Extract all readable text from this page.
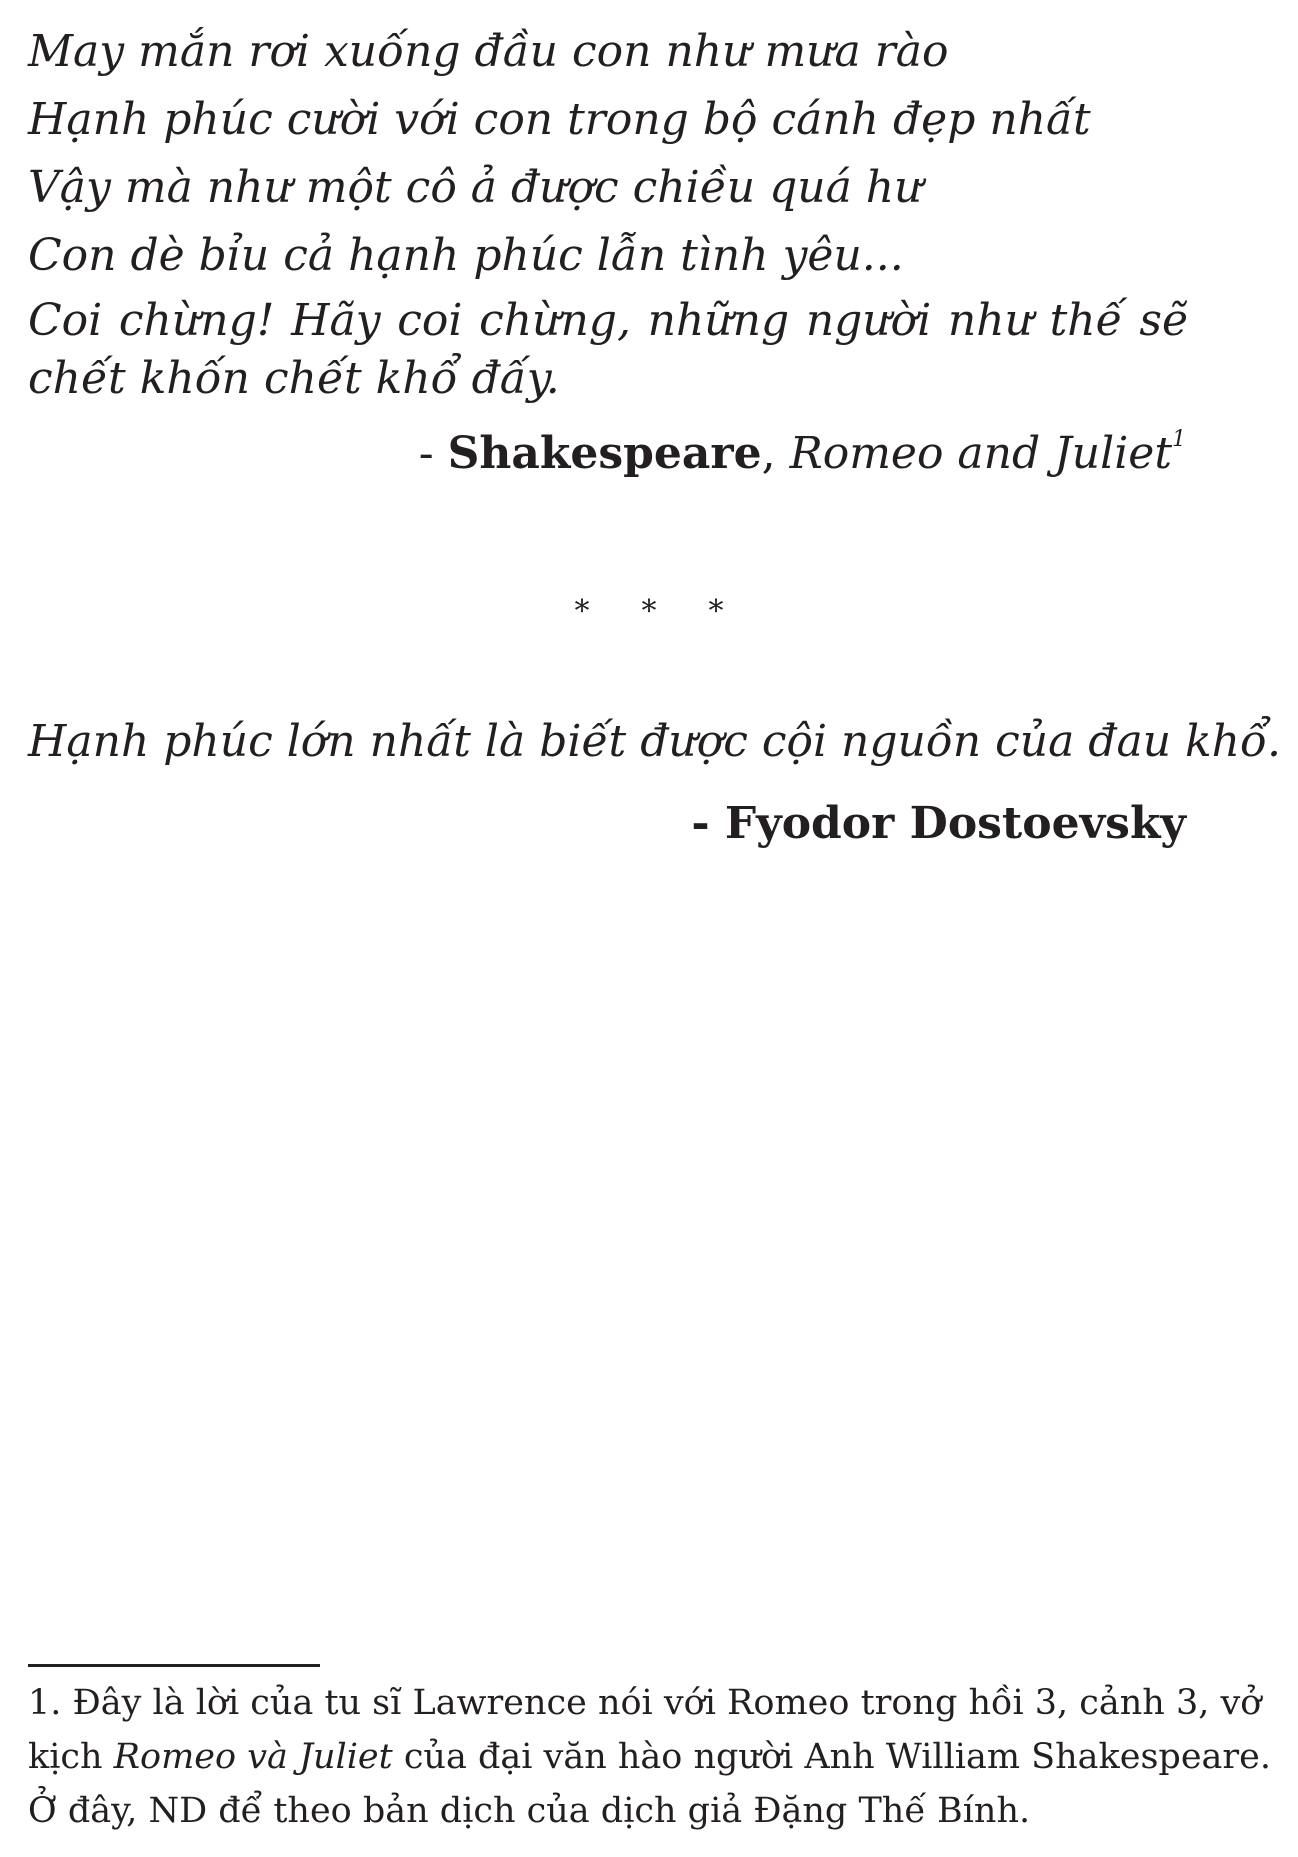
May mắn rơi xuống đầu con như mưa rào
Hạnh phúc cười với con trong bộ cánh đẹp nhất
Vậy mà như một cô ả được chiều quá hư
Con dè bỉu cả hạnh phúc lẫn tình yêu...
Coi chừng! Hãy coi chừng, những người như thế sẽ chết khốn chết khổ đấy.
- Shakespeare, Romeo and Juliet$^1$
* * *
Hạnh phúc lớn nhất là biết được cội nguồn của đau khổ.
- Fyodor Dostoevsky
1. Đây là lời của tu sĩ Lawrence nói với Romeo trong hồi 3, cảnh 3, vở
kịch Romeo và Juliet của đại văn hào người Anh William Shakespeare.
Ở đây, ND để theo bản dịch của dịch giả Đặng Thế Bính.
